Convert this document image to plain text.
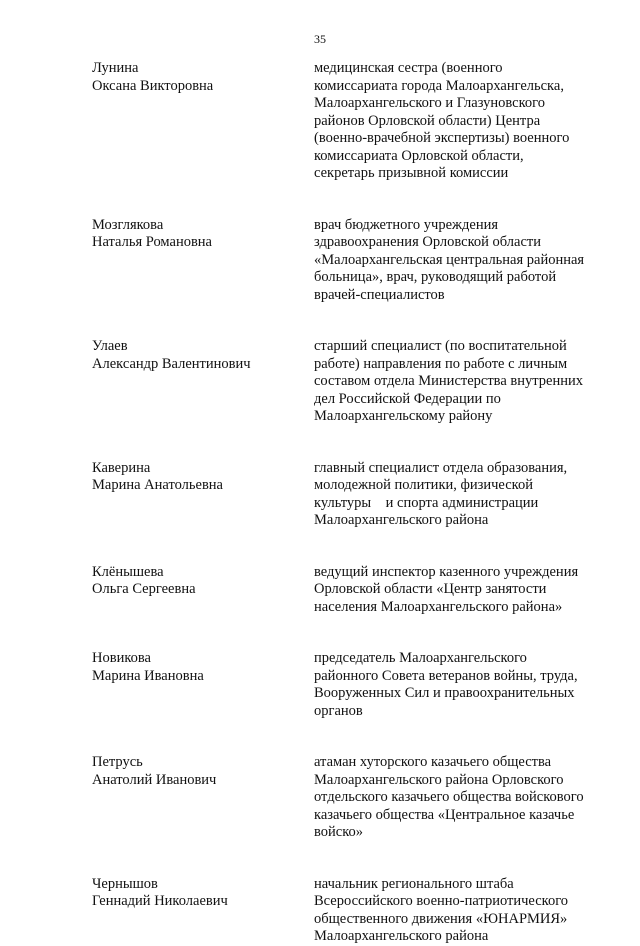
35
Лунина
Оксана Викторовна
медицинская сестра (военного
комиссариата города Малоархангельска,
Малоархангельского и Глазуновского
районов Орловской области) Центра
(военно-врачебной экспертизы) военного
комиссариата Орловской области,
секретарь призывной комиссии
Мозглякова
Наталья Романовна
врач бюджетного учреждения
здравоохранения Орловской области
«Малоархангельская центральная районная
больница», врач, руководящий работой
врачей-специалистов
Улаев
Александр Валентинович
старший специалист (по воспитательной
работе) направления по работе с личным
составом отдела Министерства внутренних
дел Российской Федерации по
Малоархангельскому району
Каверина
Марина Анатольевна
главный специалист отдела образования,
молодежной политики, физической
культуры    и спорта администрации
Малоархангельского района
Клёнышева
Ольга Сергеевна
ведущий инспектор казенного учреждения
Орловской области «Центр занятости
населения Малоархангельского района»
Новикова
Марина Ивановна
председатель Малоархангельского
районного Совета ветеранов войны, труда,
Вооруженных Сил и правоохранительных
органов
Петрусь
Анатолий Иванович
атаман хуторского казачьего общества
Малоархангельского района Орловского
отдельского казачьего общества войскового
казачьего общества «Центральное казачье
войско»
Чернышов
Геннадий Николаевич
начальник регионального штаба
Всероссийского военно-патриотического
общественного движения «ЮНАРМИЯ»
Малоархангельского района
